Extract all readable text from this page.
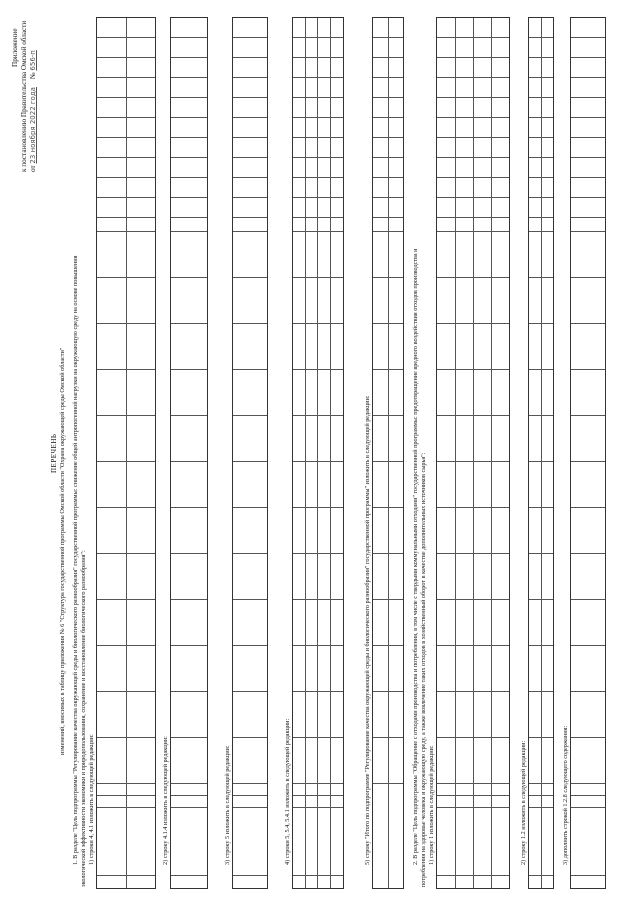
Приложение к постановлению Правительства Омской области от 23 ноября 2022 года № 656-п
ПЕРЕЧЕНЬ изменений, вносимых в таблицу приложения № 6 "Структура государственной программы Омской области "Охрана окружающей среды Омской области" 1. В разделе "Цель подпрограммы "Регулирование качества окружающей среды и биологического разнообразия" государственной программы: снижение общей антропогенной нагрузки на окружающую среду на основе повышения экологической эффективности экономики и природопользования, сохранение и восстановление биологического разнообразия": 1) строки 4, 4.1 изложить в следующей редакции:	2) строку 4.1.4 изложить в следующей редакции:	3) строку 5 изложить в следующей редакции:	4) строки 5, 5.4, 5.4.1 изложить в следующей редакции:	5) строку "Итого по подпрограмме "Регулирование качества окружающей среды и биологического разнообразия" государственной программы" изложить в следующей редакции:	2. В разделе "Цель подпрограммы "Обращение с отходами производства и потребления, в том числе с твердыми коммунальными отходами" государственной программы: предотвращение вредного воздействия отходов производства и потребления на здоровье человека и окружающую среду, а также вовлечение таких отходов в хозяйственный оборот в качестве дополнительных источников сырья": 1) строку 1 изложить в следующей редакции:	2) строку 1.2 изложить в следующей редакции:	3) дополнить строкой 1.2.8 следующего содержания:
